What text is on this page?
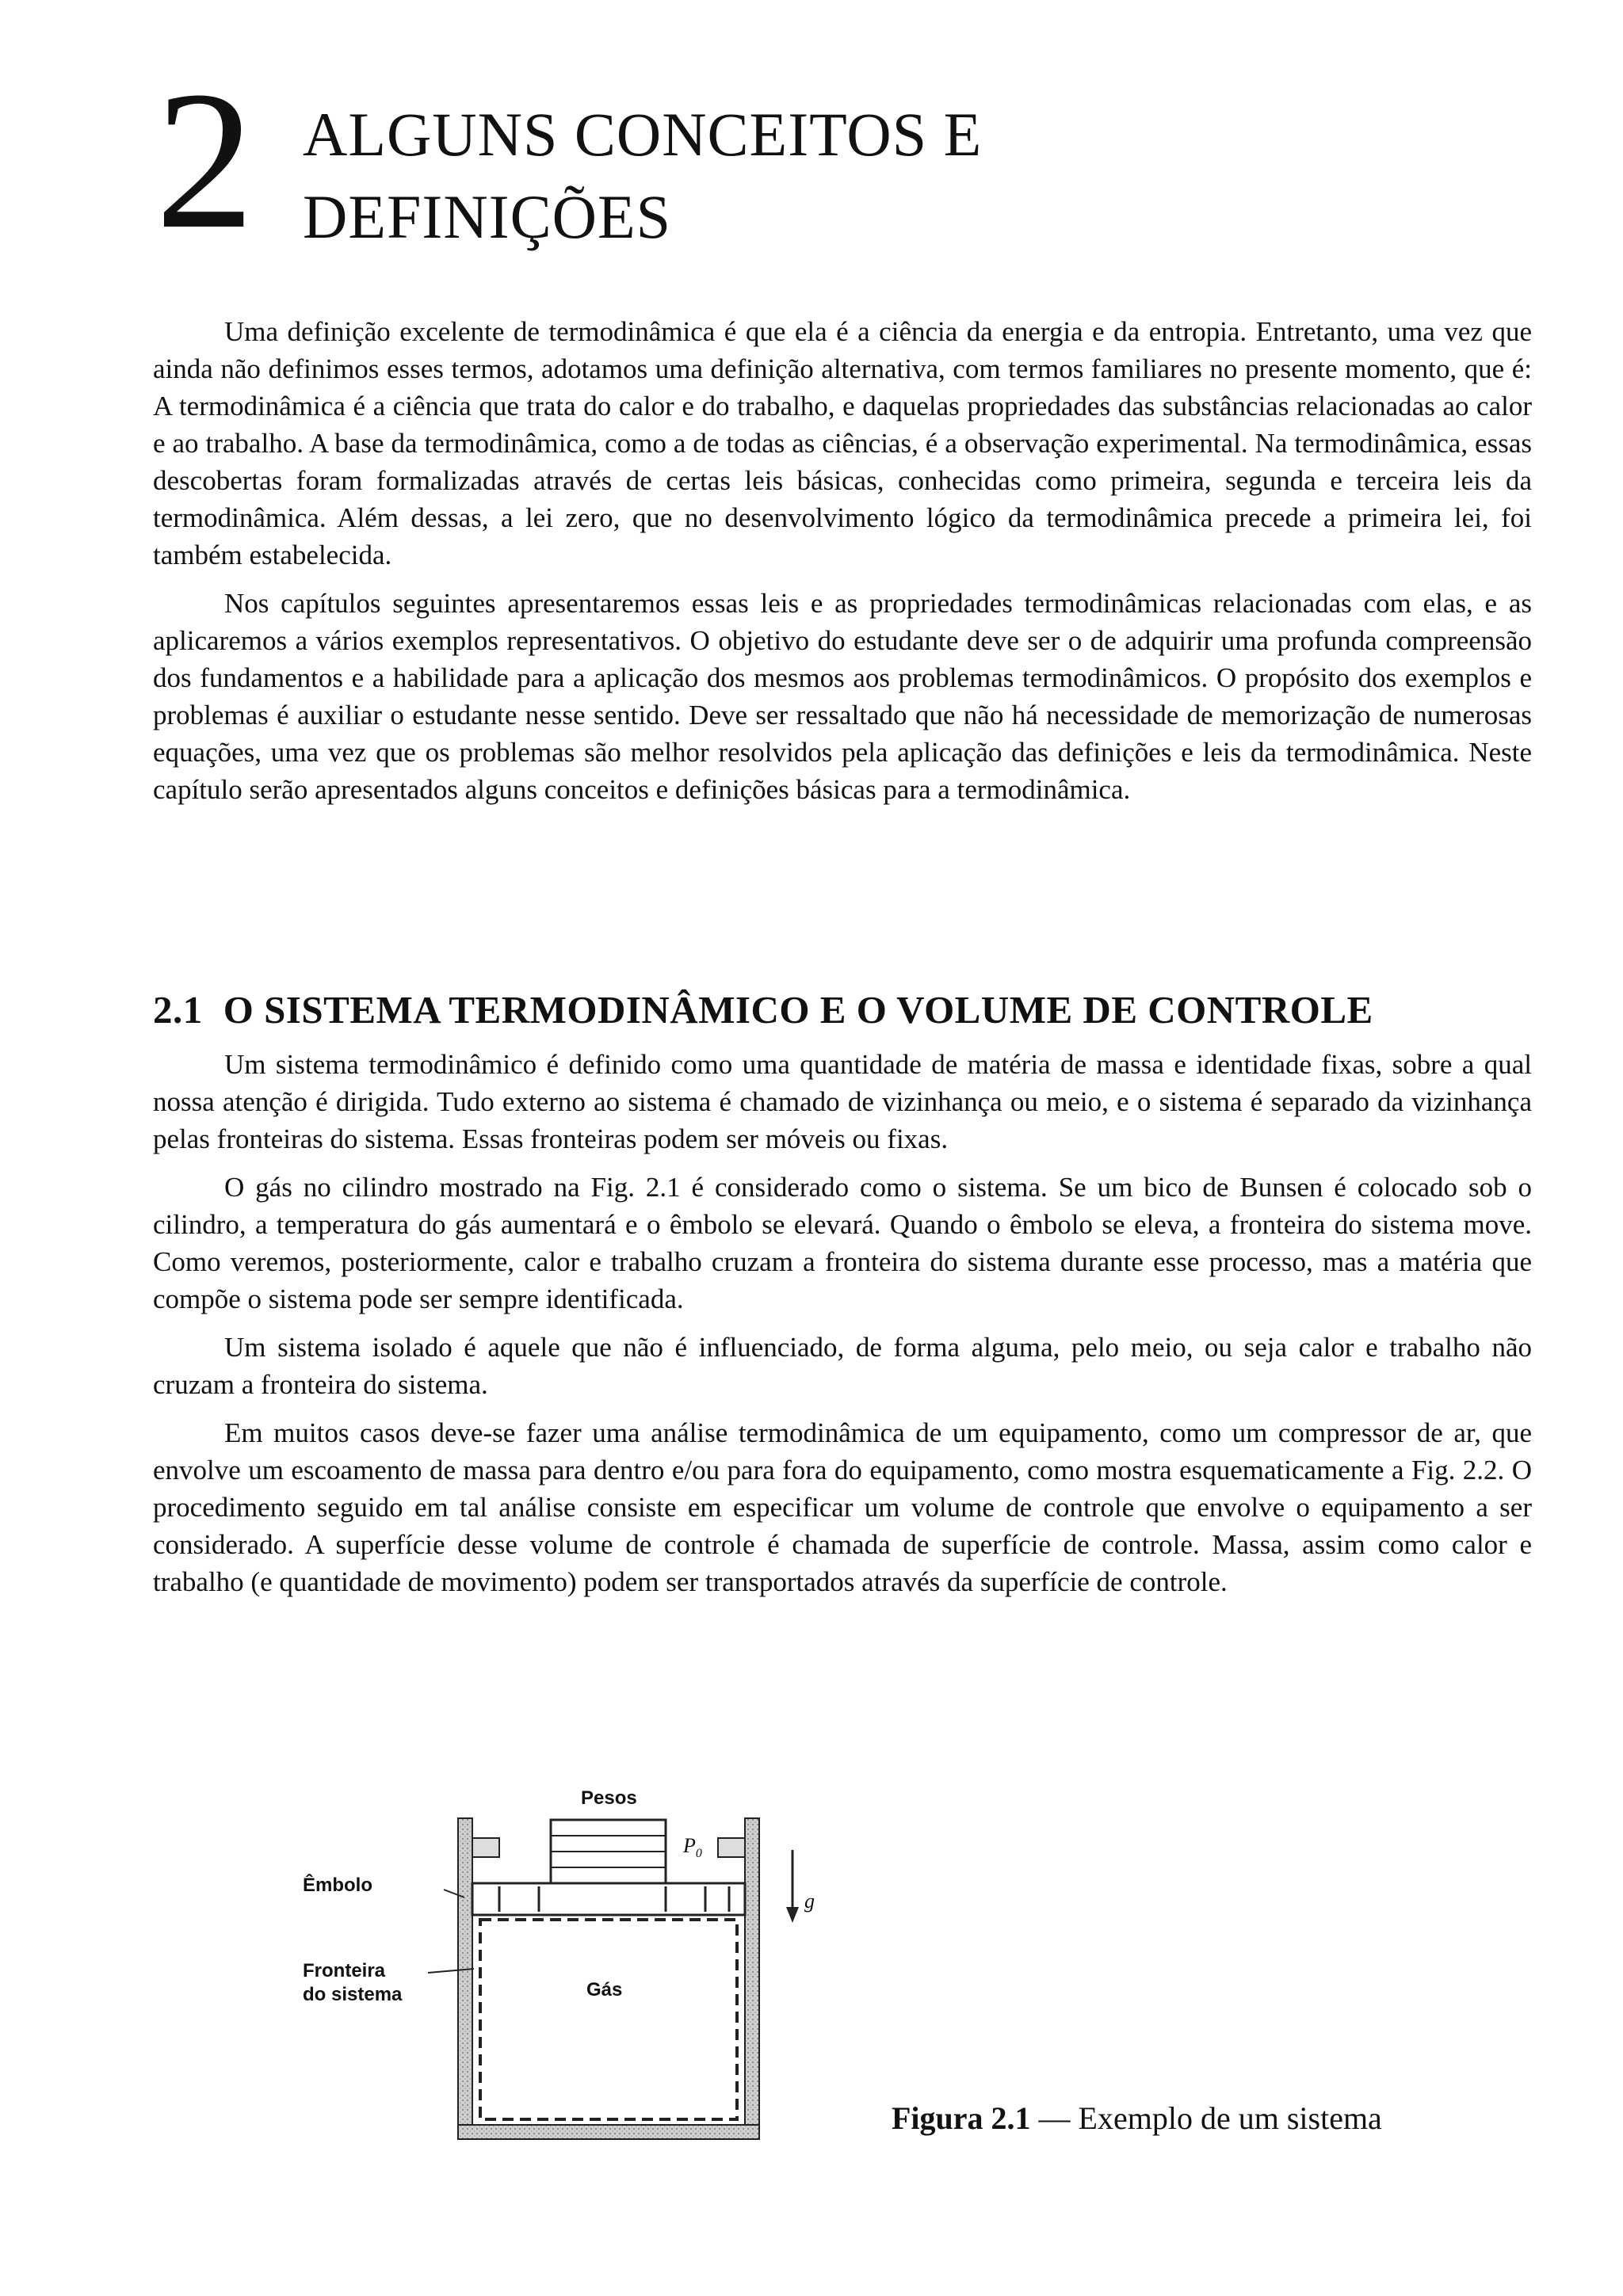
2 ALGUNS CONCEITOS E
DEFINIÇÕES

Uma definição excelente de termodinâmica é que ela é a ciência da energia e da entropia. Entretanto, uma vez que ainda não definimos esses termos, adotamos uma definição alternativa, com termos familiares no presente momento, que é: A termodinâmica é a ciência que trata do calor e do trabalho, e daquelas propriedades das substâncias relacionadas ao calor e ao trabalho. A base da termodinâmica, como a de todas as ciências, é a observação experimental. Na termodinâmica, essas descobertas foram formalizadas através de certas leis básicas, conhecidas como primeira, segunda e terceira leis da termodinâmica. Além dessas, a lei zero, que no desenvolvimento lógico da termodinâmica precede a primeira lei, foi também estabelecida.

Nos capítulos seguintes apresentaremos essas leis e as propriedades termodinâmicas relacionadas com elas, e as aplicaremos a vários exemplos representativos. O objetivo do estudante deve ser o de adquirir uma profunda compreensão dos fundamentos e a habilidade para a aplicação dos mesmos aos problemas termodinâmicos. O propósito dos exemplos e problemas é auxiliar o estudante nesse sentido. Deve ser ressaltado que não há necessidade de memorização de numerosas equações, uma vez que os problemas são melhor resolvidos pela aplicação das definições e leis da termodinâmica. Neste capítulo serão apresentados alguns conceitos e definições básicas para a termodinâmica.

2.1 O SISTEMA TERMODINÂMICO E O VOLUME DE CONTROLE

Um sistema termodinâmico é definido como uma quantidade de matéria de massa e identidade fixas, sobre a qual nossa atenção é dirigida. Tudo externo ao sistema é chamado de vizinhança ou meio, e o sistema é separado da vizinhança pelas fronteiras do sistema. Essas fronteiras podem ser móveis ou fixas.

O gás no cilindro mostrado na Fig. 2.1 é considerado como o sistema. Se um bico de Bunsen é colocado sob o cilindro, a temperatura do gás aumentará e o êmbolo se elevará. Quando o êmbolo se eleva, a fronteira do sistema move. Como veremos, posteriormente, calor e trabalho cruzam a fronteira do sistema durante esse processo, mas a matéria que compõe o sistema pode ser sempre identificada.

Um sistema isolado é aquele que não é influenciado, de forma alguma, pelo meio, ou seja calor e trabalho não cruzam a fronteira do sistema.

Em muitos casos deve-se fazer uma análise termodinâmica de um equipamento, como um compressor de ar, que envolve um escoamento de massa para dentro e/ou para fora do equipamento, como mostra esquematicamente a Fig. 2.2. O procedimento seguido em tal análise consiste em especificar um volume de controle que envolve o equipamento a ser considerado. A superfície desse volume de controle é chamada de superfície de controle. Massa, assim como calor e trabalho (e quantidade de movimento) podem ser transportados através da superfície de controle.

Pesos
$P_0$
g
Êmbolo
Fronteira
do sistema	Gás
Figura 2.1 — Exemplo de um sistema
